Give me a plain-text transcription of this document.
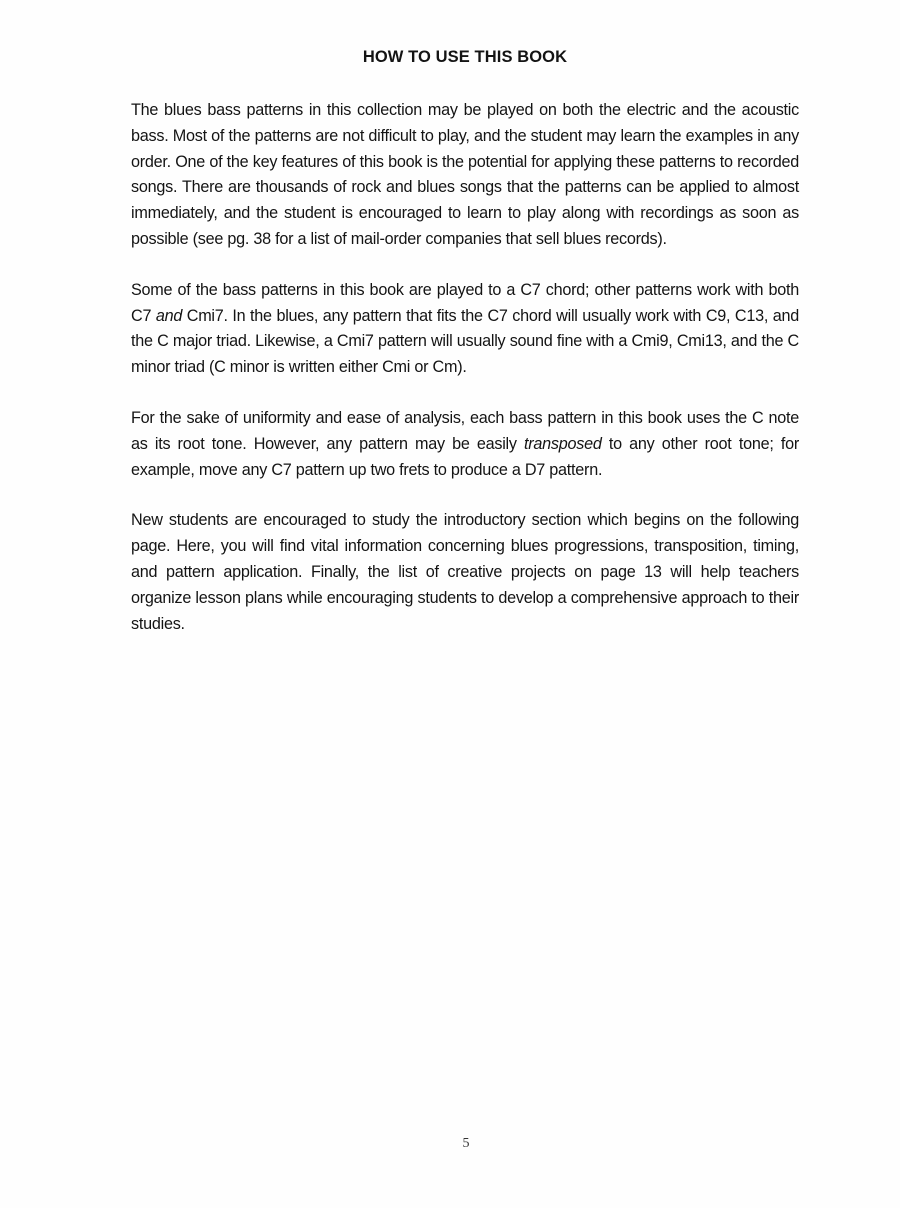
HOW TO USE THIS BOOK

The blues bass patterns in this collection may be played on both the electric and the acoustic bass. Most of the patterns are not difficult to play, and the student may learn the examples in any order. One of the key features of this book is the potential for applying these patterns to recorded songs. There are thousands of rock and blues songs that the patterns can be applied to almost immediately, and the student is encouraged to learn to play along with recordings as soon as possible (see pg. 38 for a list of mail-order companies that sell blues records).

Some of the bass patterns in this book are played to a C7 chord; other patterns work with both C7 and Cmi7. In the blues, any pattern that fits the C7 chord will usually work with C9, C13, and the C major triad. Likewise, a Cmi7 pattern will usually sound fine with a Cmi9, Cmi13, and the C minor triad (C minor is written either Cmi or Cm).

For the sake of uniformity and ease of analysis, each bass pattern in this book uses the C note as its root tone. However, any pattern may be easily transposed to any other root tone; for example, move any C7 pattern up two frets to produce a D7 pattern.

New students are encouraged to study the introductory section which begins on the following page. Here, you will find vital information concerning blues progressions, transposition, timing, and pattern application. Finally, the list of creative projects on page 13 will help teachers organize lesson plans while encouraging students to develop a comprehensive approach to their studies.

5
